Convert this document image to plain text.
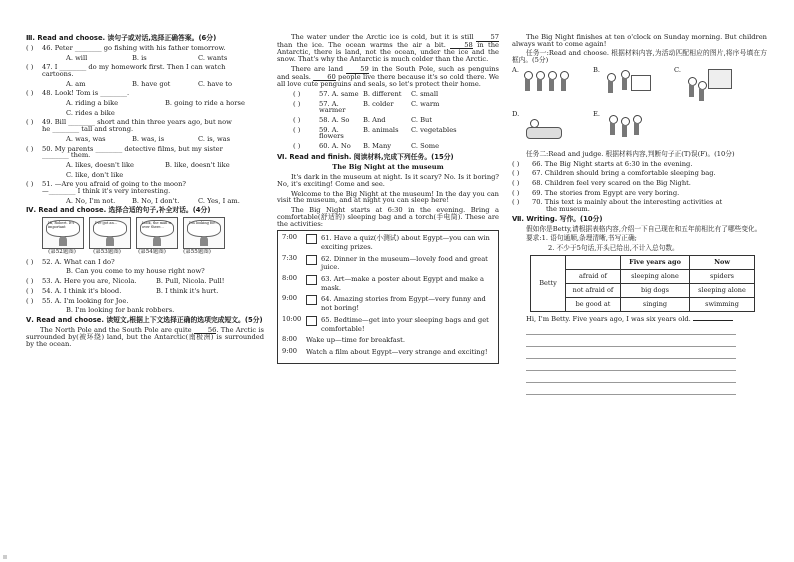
Ⅲ. Read and choose. 读句子或对话,选择正确答案。(6分)
( ) 46. Peter ________ go fishing with his father tomorrow.
A. will	B. is	C. wants
( ) 47. I ________ do my homework first. Then I can watch
cartoons.
A. am	B. have got	C. have to
( ) 48. Look! Tom is ________.
A. riding a bike	B. going to ride a horse
C. rides a bike
( ) 49. Bill ________ short and thin three years ago, but now
he ________ tall and strong.
A. was, was	B. was, is	C. is, was
( ) 50. My parents ________ detective films, but my sister
________ them.
A. likes, doesn't like	B. like, doesn't like
C. like, don't like
( ) 51. —Are you afraid of going to the moon?
—________ I think it's very interesting.
A. No, I'm not.	B. No, I don't.	C. Yes, I am.
Ⅳ. Read and choose. 选择合适的句子,补全对话。(4分)
Hi, Robert. It's important
I've got an...	Look, the mail is over there...
I'm looking for...
(第52题图)	(第53题图)	(第54题图)	(第55题图)
( ) 52. A. What can I do?
B. Can you come to my house right now?
( ) 53. A. Here you are, Nicola.	B. Pull, Nicola. Pull!
( ) 54. A. I think it's blood.	B. I think it's hurt.
( ) 55. A. I'm looking for Joe.
B. I'm looking for bank robbers.
Ⅴ. Read and choose. 读短文,根据上下文选择正确的选项完成短文。(5分)
The North Pole and the South Pole are quite 56. The Arctic is surrounded by(被环绕) land, but the Antarctic(南极洲) is surrounded by the ocean.
The water under the Arctic ice is cold, but it is still	57 than the ice. The ocean warms the air a bit.	58 in the Antarctic, there is land, not the ocean, under the ice and the snow. That's why the Antarctic is much colder than the Arctic.
There are land	59 in the South Pole, such as penguins and seals. 60 people live there because it's so cold there. We all love cute penguins and seals, so let's protect their home.
( )	57. A. same B. different	C. small
( )	57. A. warmer
B. colder	C. warm
( )	58. A. So	B. And	C. But
( )	59. A. flowers
B. animals	C. vegetables
( )	60. A. No	B. Many	C. Some
Ⅵ. Read and finish. 阅读材料,完成下列任务。(15分)
The Big Night at the museum
It's dark in the museum at night. Is it scary? No. Is it boring? No, it's exciting! Come and see.
Welcome to the Big Night at the museum! In the day you can visit the museum, and at night you can sleep here!
The Big Night starts at 6:30 in the evening. Bring a comfortable(舒适的) sleeping bag and a torch(手电筒). These are the activities:
7:00	61. Have a quiz(小测试) about Egypt—you can win exciting prizes.
7:30	62. Dinner in the museum—lovely food and great juice.
8:00	63. Art—make a poster about Egypt and make a mask.
9:00	64. Amazing stories from Egypt—very funny and not boring!
10:00	65. Bedtime—get into your sleeping bags and get comfortable!
8:00	Wake up—time for breakfast.
9:00	Watch a film about Egypt—very strange and exciting!
The Big Night finishes at ten o'clock on Sunday morning. But children always want to come again!
任务一:Read and choose. 根据材料内容,为活动匹配相应的图片,将序号填在方框内。(5分)
A.	B.	C.
D.	E.
任务二:Read and judge. 根据材料内容,判断句子正(T)误(F)。(10分)
( ) 66. The Big Night starts at 6:30 in the evening.
( ) 67. Children should bring a comfortable sleeping bag.
( ) 68. Children feel very scared on the Big Night.
( ) 69. The stories from Egypt are very boring.
( ) 70. This text is mainly about the interesting activities at
the museum.
Ⅶ. Writing. 写作。(10分)
假如你是Betty,请根据表格内容,介绍一下自己现在和五年前相比有了哪些变化。
要求:1. 语句通顺,条理清晰,书写正确;
2. 不少于5句话,开头已给出,不计入总句数。
Betty		Five years ago	Now
	afraid of	sleeping alone	spiders
	not afraid of	big dogs	sleeping alone
	be good at	singing	swimming
Hi, I'm Betty. Five years ago, I was six years old.
